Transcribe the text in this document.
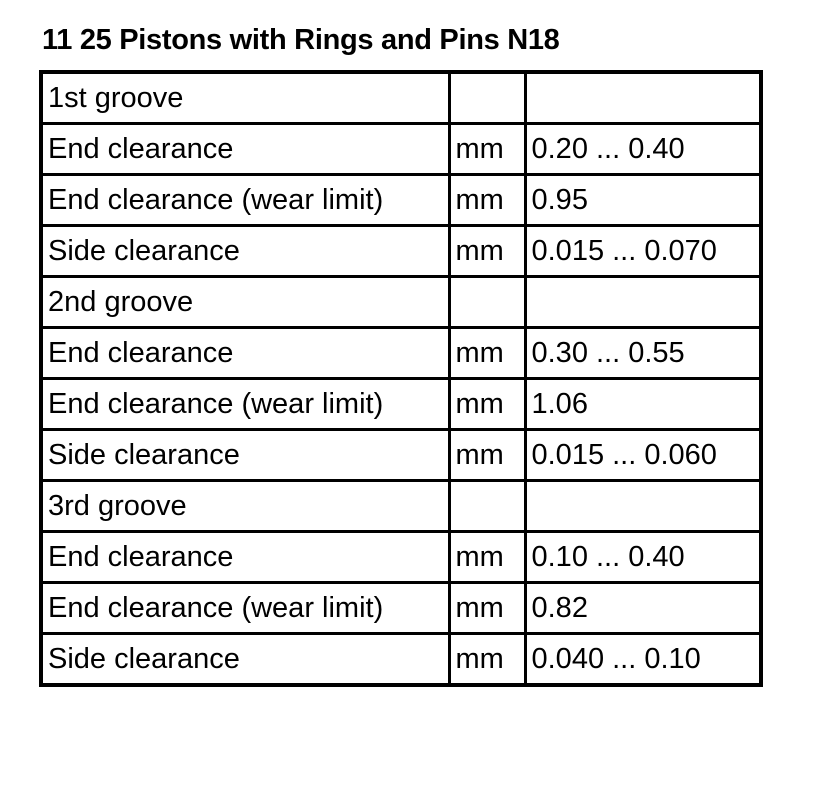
11 25 Pistons with Rings and Pins N18
1st groove		
End clearance	mm	0.20 ... 0.40
End clearance (wear limit)	mm	0.95
Side clearance	mm	0.015 ... 0.070
2nd groove		
End clearance	mm	0.30 ... 0.55
End clearance (wear limit)	mm	1.06
Side clearance	mm	0.015 ... 0.060
3rd groove		
End clearance	mm	0.10 ... 0.40
End clearance (wear limit)	mm	0.82
Side clearance	mm	0.040 ... 0.10
